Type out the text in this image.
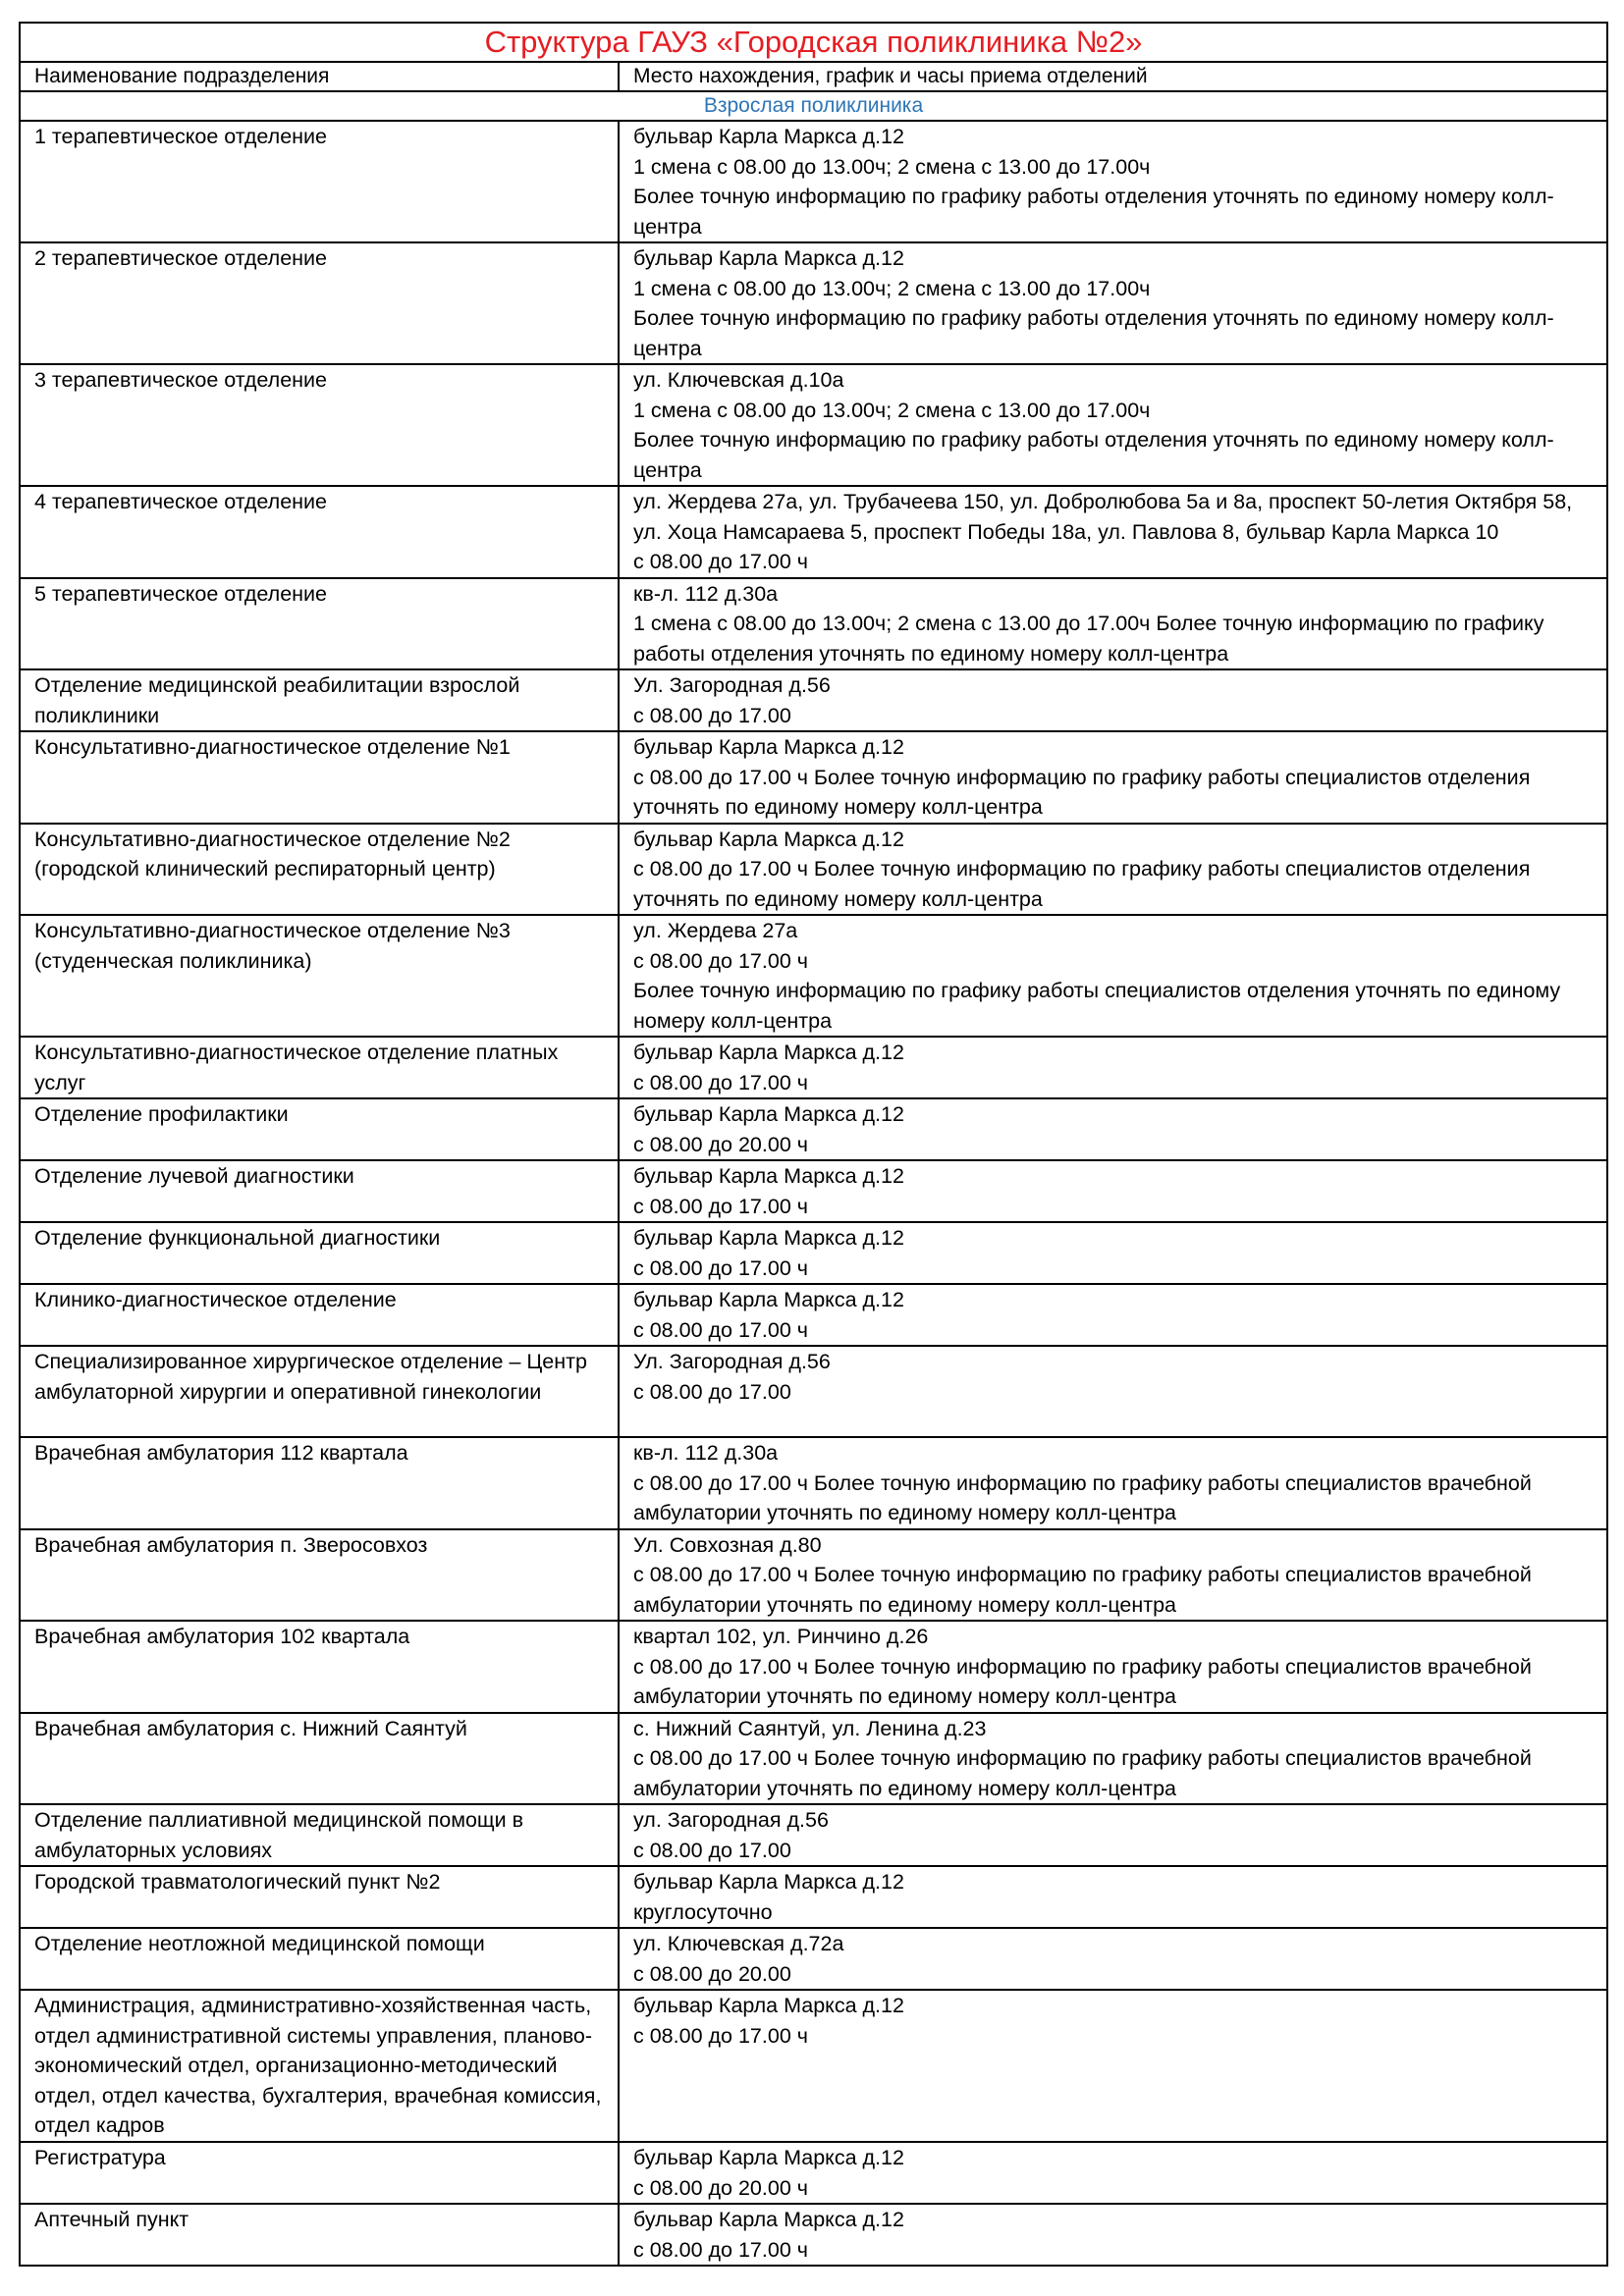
Структура ГАУЗ «Городская поликлиника №2»	
Наименование подразделения	Место нахождения, график и часы приема отделений
Взрослая поликлиника	
1 терапевтическое отделение	бульвар Карла Маркса д.12
1 смена с 08.00 до 13.00ч; 2 смена с 13.00 до 17.00ч
Более точную информацию по графику работы отделения уточнять по единому номеру колл-центра
2 терапевтическое отделение	бульвар Карла Маркса д.12
1 смена с 08.00 до 13.00ч; 2 смена с 13.00 до 17.00ч
Более точную информацию по графику работы отделения уточнять по единому номеру колл-центра
3 терапевтическое отделение	ул. Ключевская д.10а
1 смена с 08.00 до 13.00ч; 2 смена с 13.00 до 17.00ч
Более точную информацию по графику работы отделения уточнять по единому номеру колл-центра
4 терапевтическое отделение	ул. Жердева 27а, ул. Трубачеева 150, ул. Добролюбова 5а и 8а, проспект 50-летия Октября 58, ул. Хоца Намсараева 5, проспект Победы 18а, ул. Павлова 8, бульвар Карла Маркса 10
с 08.00 до 17.00 ч
5 терапевтическое отделение	кв-л. 112 д.30а
1 смена с 08.00 до 13.00ч; 2 смена с 13.00 до 17.00ч Более точную информацию по графику работы отделения уточнять по единому номеру колл-центра
Отделение медицинской реабилитации взрослой поликлиники	Ул. Загородная д.56
с 08.00 до 17.00
Консультативно-диагностическое отделение №1	бульвар Карла Маркса д.12
с 08.00 до 17.00 ч Более точную информацию по графику работы специалистов отделения уточнять по единому номеру колл-центра
Консультативно-диагностическое отделение №2 (городской клинический респираторный центр)	бульвар Карла Маркса д.12
с 08.00 до 17.00 ч Более точную информацию по графику работы специалистов отделения уточнять по единому номеру колл-центра
Консультативно-диагностическое отделение №3 (студенческая поликлиника)	ул. Жердева 27а
с 08.00 до 17.00 ч
Более точную информацию по графику работы специалистов отделения уточнять по единому номеру колл-центра
Консультативно-диагностическое отделение платных услуг	бульвар Карла Маркса д.12
с 08.00 до 17.00 ч
Отделение профилактики	бульвар Карла Маркса д.12
с 08.00 до 20.00 ч
Отделение лучевой диагностики	бульвар Карла Маркса д.12
с 08.00 до 17.00 ч
Отделение функциональной диагностики	бульвар Карла Маркса д.12
с 08.00 до 17.00 ч
Клинико-диагностическое отделение	бульвар Карла Маркса д.12
с 08.00 до 17.00 ч
Специализированное хирургическое отделение – Центр амбулаторной хирургии и оперативной гинекологии	Ул. Загородная д.56
с 08.00 до 17.00
Врачебная амбулатория 112 квартала	кв-л. 112 д.30а
с 08.00 до 17.00 ч Более точную информацию по графику работы специалистов врачебной амбулатории уточнять по единому номеру колл-центра
Врачебная амбулатория п. Зверосовхоз	Ул. Совхозная д.80
с 08.00 до 17.00 ч Более точную информацию по графику работы специалистов врачебной амбулатории уточнять по единому номеру колл-центра
Врачебная амбулатория 102 квартала	квартал 102, ул. Ринчино д.26
с 08.00 до 17.00 ч Более точную информацию по графику работы специалистов врачебной амбулатории уточнять по единому номеру колл-центра
Врачебная амбулатория с. Нижний Саянтуй	с. Нижний Саянтуй, ул. Ленина д.23
с 08.00 до 17.00 ч Более точную информацию по графику работы специалистов врачебной амбулатории уточнять по единому номеру колл-центра
Отделение паллиативной медицинской помощи в амбулаторных условиях	ул. Загородная д.56
с 08.00 до 17.00
Городской травматологический пункт №2	бульвар Карла Маркса д.12
круглосуточно
Отделение неотложной медицинской помощи	ул. Ключевская д.72а
с 08.00 до 20.00
Администрация, административно-хозяйственная часть, отдел административной системы управления, планово-экономический отдел, организационно-методический отдел, отдел качества, бухгалтерия, врачебная комиссия, отдел кадров	бульвар Карла Маркса д.12
с 08.00 до 17.00 ч
Регистратура	бульвар Карла Маркса д.12
с 08.00 до 20.00 ч
Аптечный пункт	бульвар Карла Маркса д.12
с 08.00 до 17.00 ч
